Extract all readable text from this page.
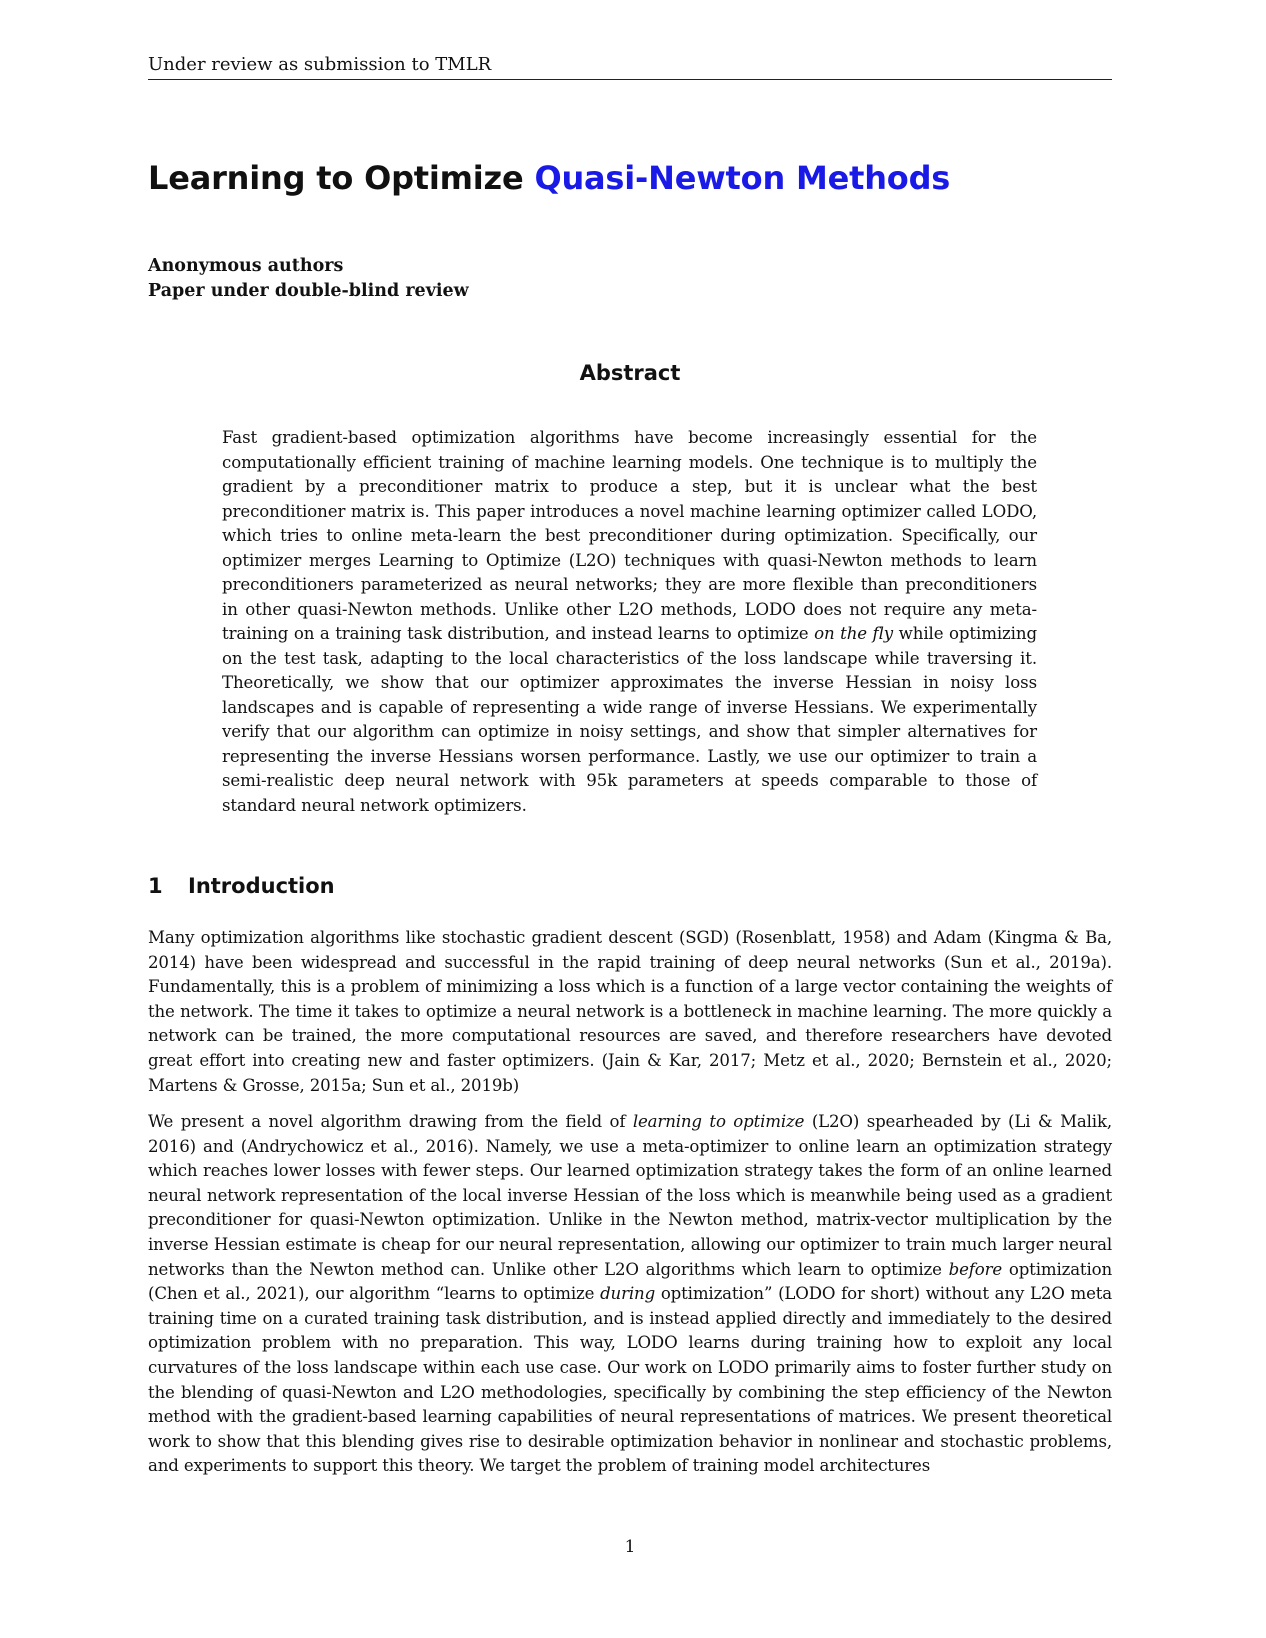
Under review as submission to TMLR
Learning to Optimize Quasi-Newton Methods
Anonymous authors
Paper under double-blind review
Abstract

Fast gradient-based optimization algorithms have become increasingly essential for the computationally efficient training of machine learning models. One technique is to multiply the gradient by a preconditioner matrix to produce a step, but it is unclear what the best preconditioner matrix is. This paper introduces a novel machine learning optimizer called LODO, which tries to online meta-learn the best preconditioner during optimization. Specifically, our optimizer merges Learning to Optimize (L2O) techniques with quasi-Newton methods to learn preconditioners parameterized as neural networks; they are more flexible than preconditioners in other quasi-Newton methods. Unlike other L2O methods, LODO does not require any meta-training on a training task distribution, and instead learns to optimize on the fly while optimizing on the test task, adapting to the local characteristics of the loss landscape while traversing it. Theoretically, we show that our optimizer approximates the inverse Hessian in noisy loss landscapes and is capable of representing a wide range of inverse Hessians. We experimentally verify that our algorithm can optimize in noisy settings, and show that simpler alternatives for representing the inverse Hessians worsen performance. Lastly, we use our optimizer to train a semi-realistic deep neural network with 95k parameters at speeds comparable to those of standard neural network optimizers.

1 Introduction

Many optimization algorithms like stochastic gradient descent (SGD) (Rosenblatt, 1958) and Adam (Kingma & Ba, 2014) have been widespread and successful in the rapid training of deep neural networks (Sun et al., 2019a). Fundamentally, this is a problem of minimizing a loss which is a function of a large vector containing the weights of the network. The time it takes to optimize a neural network is a bottleneck in machine learning. The more quickly a network can be trained, the more computational resources are saved, and therefore researchers have devoted great effort into creating new and faster optimizers. (Jain & Kar, 2017; Metz et al., 2020; Bernstein et al., 2020; Martens & Grosse, 2015a; Sun et al., 2019b)

We present a novel algorithm drawing from the field of learning to optimize (L2O) spearheaded by (Li & Malik, 2016) and (Andrychowicz et al., 2016). Namely, we use a meta-optimizer to online learn an optimization strategy which reaches lower losses with fewer steps. Our learned optimization strategy takes the form of an online learned neural network representation of the local inverse Hessian of the loss which is meanwhile being used as a gradient preconditioner for quasi-Newton optimization. Unlike in the Newton method, matrix-vector multiplication by the inverse Hessian estimate is cheap for our neural representation, allowing our optimizer to train much larger neural networks than the Newton method can. Unlike other L2O algorithms which learn to optimize before optimization (Chen et al., 2021), our algorithm “learns to optimize during optimization” (LODO for short) without any L2O meta training time on a curated training task distribution, and is instead applied directly and immediately to the desired optimization problem with no preparation. This way, LODO learns during training how to exploit any local curvatures of the loss landscape within each use case. Our work on LODO primarily aims to foster further study on the blending of quasi-Newton and L2O methodologies, specifically by combining the step efficiency of the Newton method with the gradient-based learning capabilities of neural representations of matrices. We present theoretical work to show that this blending gives rise to desirable optimization behavior in nonlinear and stochastic problems, and experiments to support this theory. We target the problem of training model architectures

1
